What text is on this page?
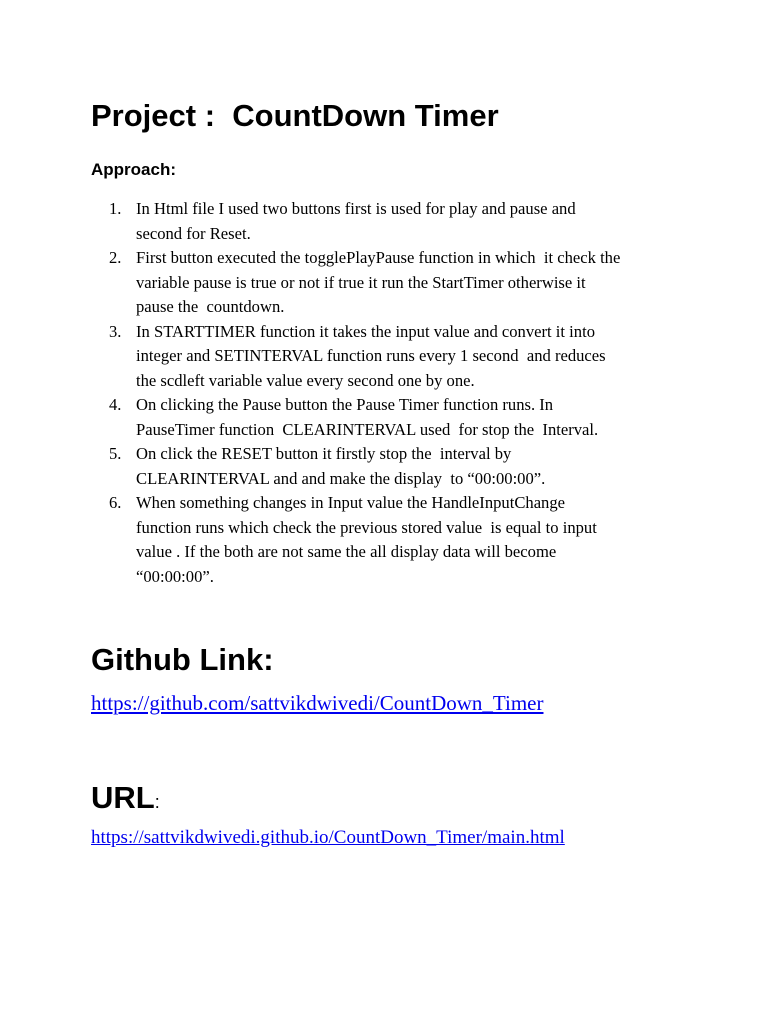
Project : CountDown Timer
Approach:
1. In Html file I used two buttons first is used for play and pause and
second for Reset.
2. First button executed the togglePlayPause function in which  it check the
variable pause is true or not if true it run the StartTimer otherwise it
pause the  countdown.
3. In STARTTIMER function it takes the input value and convert it into
integer and SETINTERVAL function runs every 1 second  and reduces
the scdleft variable value every second one by one.
4. On clicking the Pause button the Pause Timer function runs. In
PauseTimer function  CLEARINTERVAL used  for stop the  Interval.
5. On click the RESET button it firstly stop the  interval by
CLEARINTERVAL and and make the display  to “00:00:00”.
6. When something changes in Input value the HandleInputChange
function runs which check the previous stored value  is equal to input
value . If the both are not same the all display data will become
“00:00:00”.
Github Link:
https://github.com/sattvikdwivedi/CountDown_Timer
URL:
https://sattvikdwivedi.github.io/CountDown_Timer/main.html
